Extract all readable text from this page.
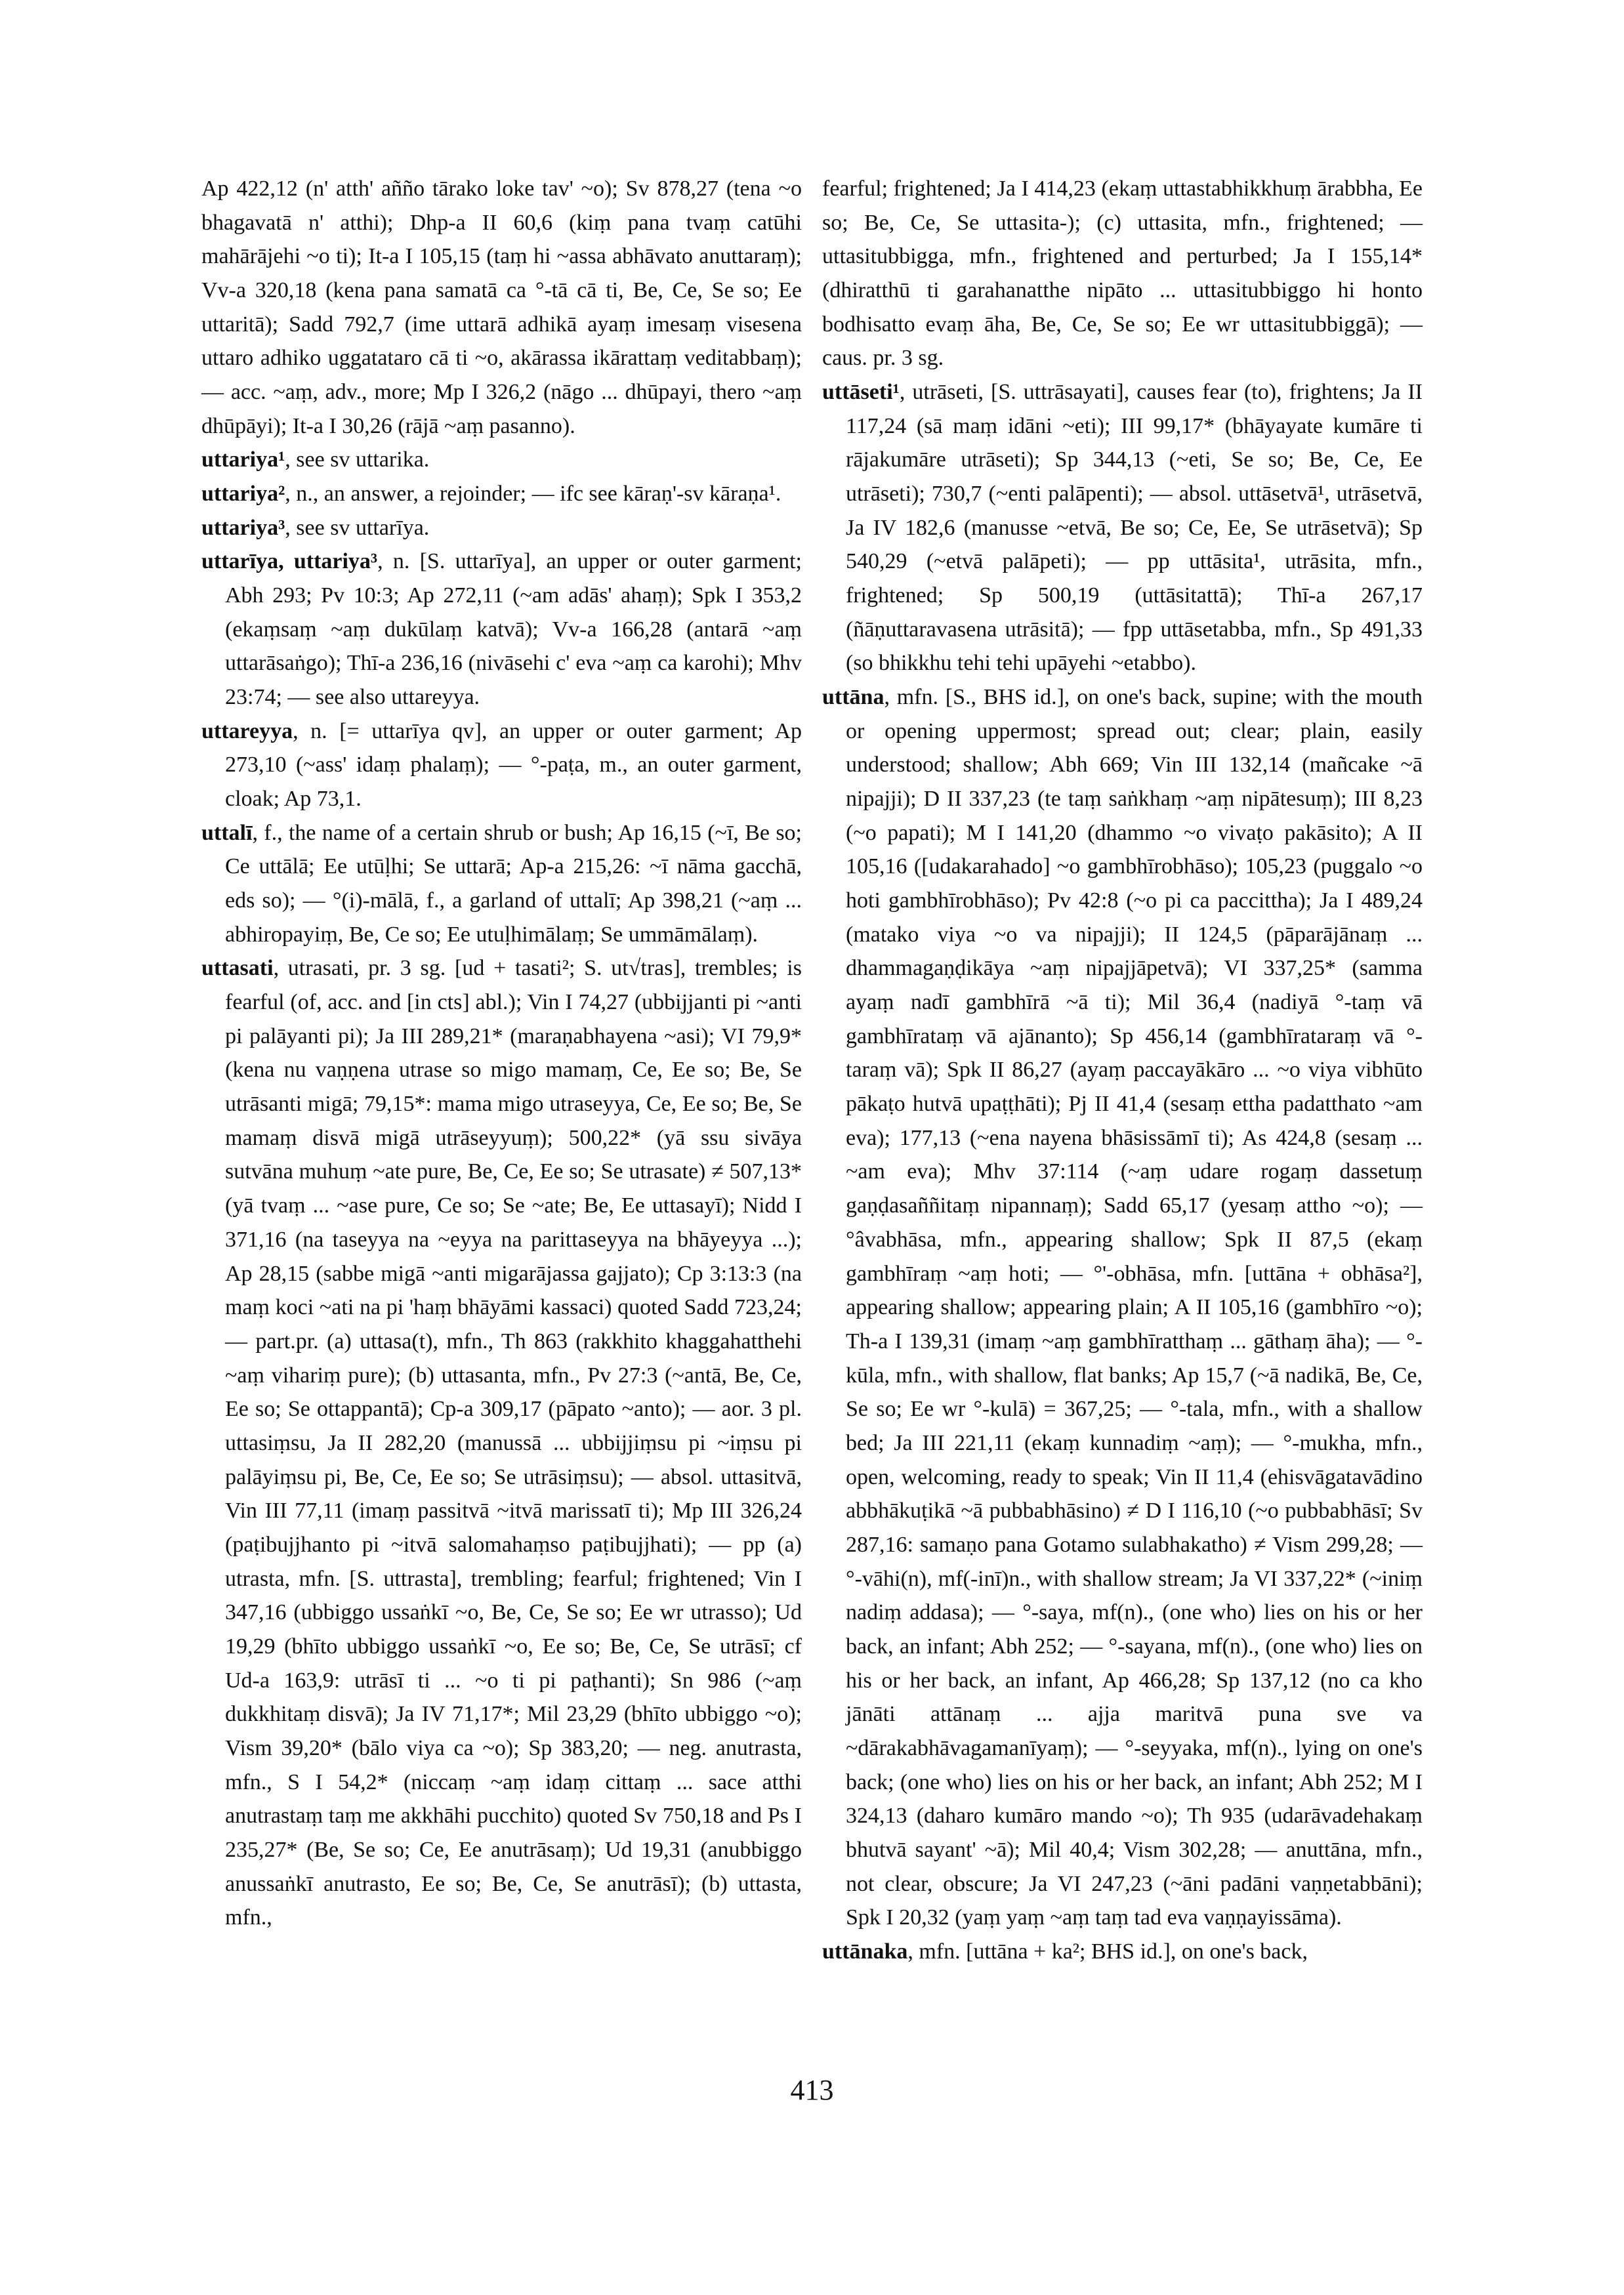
Ap 422,12 (n' atth' añño tārako loke tav' ~o); Sv 878,27 (tena ~o bhagavatā n' atthi); Dhp-a II 60,6 (kiṃ pana tvaṃ catūhi mahārājehi ~o ti); It-a I 105,15 (taṃ hi ~assa abhāvato anuttaraṃ); Vv-a 320,18 (kena pana samatā ca °-tā cā ti, Be, Ce, Se so; Ee uttaritā); Sadd 792,7 (ime uttarā adhikā ayaṃ imesaṃ visesena uttaro adhiko uggatataro cā ti ~o, akārassa ikārattaṃ veditabbaṃ); — acc. ~aṃ, adv., more; Mp I 326,2 (nāgo ... dhūpayi, thero ~aṃ dhūpāyi); It-a I 30,26 (rājā ~aṃ pasanno).

uttariya¹, see sv uttarika.

uttariya², n., an answer, a rejoinder; — ifc see kāraṇ'-sv kāraṇa¹.

uttariya³, see sv uttarīya.

uttarīya, uttariya³, n. [S. uttarīya], an upper or outer garment; Abh 293; Pv 10:3; Ap 272,11 (~am adās' ahaṃ); Spk I 353,2 (ekaṃsaṃ ~aṃ dukūlaṃ katvā); Vv-a 166,28 (antarā ~aṃ uttarāsaṅgo); Thī-a 236,16 (nivāsehi c' eva ~aṃ ca karohi); Mhv 23:74; — see also uttareyya.

uttareyya, n. [= uttarīya qv], an upper or outer garment; Ap 273,10 (~ass' idaṃ phalaṃ); — °-paṭa, m., an outer garment, cloak; Ap 73,1.

uttalī, f., the name of a certain shrub or bush; Ap 16,15 (~ī, Be so; Ce uttālā; Ee utūḷhi; Se uttarā; Ap-a 215,26: ~ī nāma gacchā, eds so); — °(i)-mālā, f., a garland of uttalī; Ap 398,21 (~aṃ ... abhiropayiṃ, Be, Ce so; Ee utuḷhimālaṃ; Se ummāmālaṃ).

uttasati, utrasati, pr. 3 sg. [ud + tasati²; S. ut√tras], trembles; is fearful (of, acc. and [in cts] abl.); Vin I 74,27 (ubbijjanti pi ~anti pi palāyanti pi); Ja III 289,21* (maraṇabhayena ~asi); VI 79,9* (kena nu vaṇṇena utrase so migo mamaṃ, Ce, Ee so; Be, Se utrāsanti migā; 79,15*: mama migo utraseyya, Ce, Ee so; Be, Se mamaṃ disvā migā utrāseyyuṃ); 500,22* (yā ssu sivāya sutvāna muhuṃ ~ate pure, Be, Ce, Ee so; Se utrasate) ≠ 507,13* (yā tvaṃ ... ~ase pure, Ce so; Se ~ate; Be, Ee uttasayī); Nidd I 371,16 (na taseyya na ~eyya na parittaseyya na bhāyeyya ...); Ap 28,15 (sabbe migā ~anti migarājassa gajjato); Cp 3:13:3 (na maṃ koci ~ati na pi 'haṃ bhāyāmi kassaci) quoted Sadd 723,24; — part.pr. (a) uttasa(t), mfn., Th 863 (rakkhito khaggahatthehi ~aṃ vihariṃ pure); (b) uttasanta, mfn., Pv 27:3 (~antā, Be, Ce, Ee so; Se ottappantā); Cp-a 309,17 (pāpato ~anto); — aor. 3 pl. uttasiṃsu, Ja II 282,20 (manussā ... ubbijjiṃsu pi ~iṃsu pi palāyiṃsu pi, Be, Ce, Ee so; Se utrāsiṃsu); — absol. uttasitvā, Vin III 77,11 (imaṃ passitvā ~itvā marissatī ti); Mp III 326,24 (paṭibujjhanto pi ~itvā salomahaṃso paṭibujjhati); — pp (a) utrasta, mfn. [S. uttrasta], trembling; fearful; frightened; Vin I 347,16 (ubbiggo ussaṅkī ~o, Be, Ce, Se so; Ee wr utrasso); Ud 19,29 (bhīto ubbiggo ussaṅkī ~o, Ee so; Be, Ce, Se utrāsī; cf Ud-a 163,9: utrāsī ti ... ~o ti pi paṭhanti); Sn 986 (~aṃ dukkhitaṃ disvā); Ja IV 71,17*; Mil 23,29 (bhīto ubbiggo ~o); Vism 39,20* (bālo viya ca ~o); Sp 383,20; — neg. anutrasta, mfn., S I 54,2* (niccaṃ ~aṃ idaṃ cittaṃ ... sace atthi anutrastaṃ taṃ me akkhāhi pucchito) quoted Sv 750,18 and Ps I 235,27* (Be, Se so; Ce, Ee anutrāsaṃ); Ud 19,31 (anubbiggo anussaṅkī anutrasto, Ee so; Be, Ce, Se anutrāsī); (b) uttasta, mfn.,

fearful; frightened; Ja I 414,23 (ekaṃ uttastabhikkhuṃ ārabbha, Ee so; Be, Ce, Se uttasita-); (c) uttasita, mfn., frightened; — uttasitubbigga, mfn., frightened and perturbed; Ja I 155,14* (dhiratthū ti garahanatthe nipāto ... uttasitubbiggo hi honto bodhisatto evaṃ āha, Be, Ce, Se so; Ee wr uttasitubbiggā); — caus. pr. 3 sg.

uttāseti¹, utrāseti, [S. uttrāsayati], causes fear (to), frightens; Ja II 117,24 (sā maṃ idāni ~eti); III 99,17* (bhāyayate kumāre ti rājakumāre utrāseti); Sp 344,13 (~eti, Se so; Be, Ce, Ee utrāseti); 730,7 (~enti palāpenti); — absol. uttāsetvā¹, utrāsetvā, Ja IV 182,6 (manusse ~etvā, Be so; Ce, Ee, Se utrāsetvā); Sp 540,29 (~etvā palāpeti); — pp uttāsita¹, utrāsita, mfn., frightened; Sp 500,19 (uttāsitattā); Thī-a 267,17 (ñāṇuttaravasena utrāsitā); — fpp uttāsetabba, mfn., Sp 491,33 (so bhikkhu tehi tehi upāyehi ~etabbo).

uttāna, mfn. [S., BHS id.], on one's back, supine; with the mouth or opening uppermost; spread out; clear; plain, easily understood; shallow; Abh 669; Vin III 132,14 (mañcake ~ā nipajji); D II 337,23 (te taṃ saṅkhaṃ ~aṃ nipātesuṃ); III 8,23 (~o papati); M I 141,20 (dhammo ~o vivaṭo pakāsito); A II 105,16 ([udakarahado] ~o gambhīrobhāso); 105,23 (puggalo ~o hoti gambhīrobhāso); Pv 42:8 (~o pi ca paccittha); Ja I 489,24 (matako viya ~o va nipajji); II 124,5 (pāparājānaṃ ... dhammagaṇḍikāya ~aṃ nipajjāpetvā); VI 337,25* (samma ayaṃ nadī gambhīrā ~ā ti); Mil 36,4 (nadiyā °-taṃ vā gambhīrataṃ vā ajānanto); Sp 456,14 (gambhīrataraṃ vā °-taraṃ vā); Spk II 86,27 (ayaṃ paccayākāro ... ~o viya vibhūto pākaṭo hutvā upaṭṭhāti); Pj II 41,4 (sesaṃ ettha padatthato ~am eva); 177,13 (~ena nayena bhāsissāmī ti); As 424,8 (sesaṃ ... ~am eva); Mhv 37:114 (~aṃ udare rogaṃ dassetuṃ gaṇḍasaññitaṃ nipannaṃ); Sadd 65,17 (yesaṃ attho ~o); — °âvabhāsa, mfn., appearing shallow; Spk II 87,5 (ekaṃ gambhīraṃ ~aṃ hoti; — °'-obhāsa, mfn. [uttāna + obhāsa²], appearing shallow; appearing plain; A II 105,16 (gambhīro ~o); Th-a I 139,31 (imaṃ ~aṃ gambhīratthaṃ ... gāthaṃ āha); — °-kūla, mfn., with shallow, flat banks; Ap 15,7 (~ā nadikā, Be, Ce, Se so; Ee wr °-kulā) = 367,25; — °-tala, mfn., with a shallow bed; Ja III 221,11 (ekaṃ kunnadiṃ ~aṃ); — °-mukha, mfn., open, welcoming, ready to speak; Vin II 11,4 (ehisvāgatavādino abbhākuṭikā ~ā pubbabhāsino) ≠ D I 116,10 (~o pubbabhāsī; Sv 287,16: samaṇo pana Gotamo sulabhakatho) ≠ Vism 299,28; — °-vāhi(n), mf(-inī)n., with shallow stream; Ja VI 337,22* (~iniṃ nadiṃ addasa); — °-saya, mf(n)., (one who) lies on his or her back, an infant; Abh 252; — °-sayana, mf(n)., (one who) lies on his or her back, an infant, Ap 466,28; Sp 137,12 (no ca kho jānāti attānaṃ ... ajja maritvā puna sve va ~dārakabhāvagamanīyaṃ); — °-seyyaka, mf(n)., lying on one's back; (one who) lies on his or her back, an infant; Abh 252; M I 324,13 (daharo kumāro mando ~o); Th 935 (udarāvadehakaṃ bhutvā sayant' ~ā); Mil 40,4; Vism 302,28; — anuttāna, mfn., not clear, obscure; Ja VI 247,23 (~āni padāni vaṇṇetabbāni); Spk I 20,32 (yaṃ yaṃ ~aṃ taṃ tad eva vaṇṇayissāma).

uttānaka, mfn. [uttāna + ka²; BHS id.], on one's back,

413
